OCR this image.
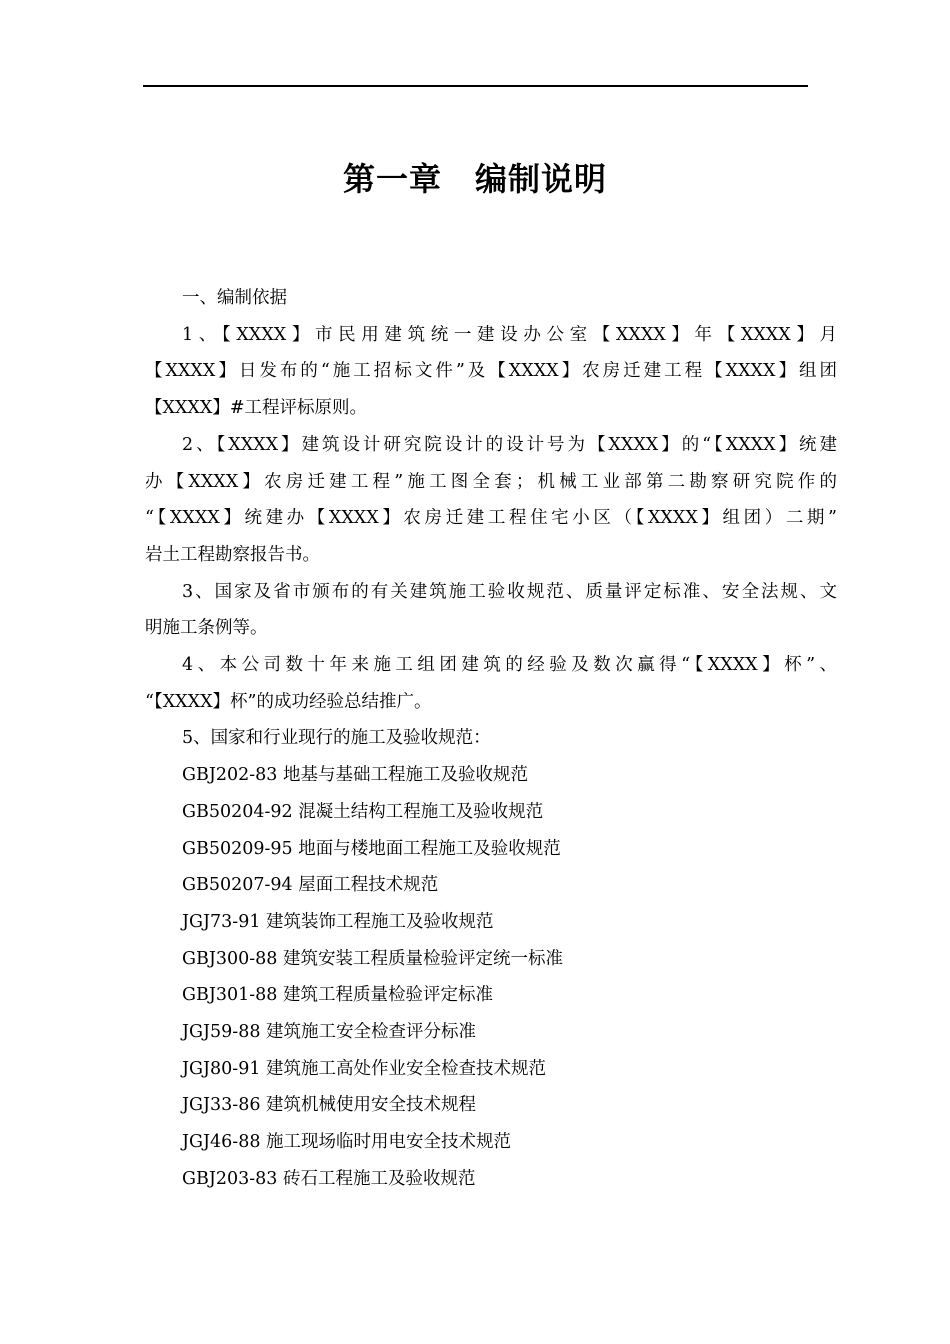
第一章　编制说明

一、编制依据

1、【XXXX】市民用建筑统一建设办公室【XXXX】年【XXXX】月

【XXXX】日发布的“施工招标文件”及【XXXX】农房迁建工程【XXXX】组团

【XXXX】#工程评标原则。

2、【XXXX】建筑设计研究院设计的设计号为【XXXX】的“【XXXX】统建

办【XXXX】农房迁建工程”施工图全套；机械工业部第二勘察研究院作的

“【XXXX】统建办【XXXX】农房迁建工程住宅小区（【XXXX】组团）二期”

岩土工程勘察报告书。

3、国家及省市颁布的有关建筑施工验收规范、质量评定标准、安全法规、文

明施工条例等。

4、本公司数十年来施工组团建筑的经验及数次赢得“【XXXX】杯”、

“【XXXX】杯”的成功经验总结推广。

5、国家和行业现行的施工及验收规范：

GBJ202-83 地基与基础工程施工及验收规范

GB50204-92 混凝土结构工程施工及验收规范

GB50209-95 地面与楼地面工程施工及验收规范

GB50207-94 屋面工程技术规范

JGJ73-91 建筑装饰工程施工及验收规范

GBJ300-88 建筑安装工程质量检验评定统一标准

GBJ301-88 建筑工程质量检验评定标准

JGJ59-88 建筑施工安全检查评分标准

JGJ80-91 建筑施工高处作业安全检查技术规范

JGJ33-86 建筑机械使用安全技术规程

JGJ46-88 施工现场临时用电安全技术规范

GBJ203-83 砖石工程施工及验收规范
